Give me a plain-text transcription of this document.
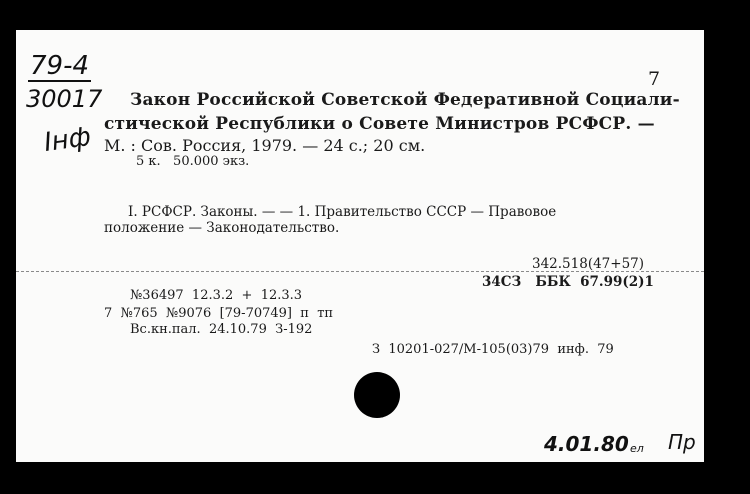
79-4
30017
Інф
7
Закон Российской Советской Федеративной Социали-
стической Республики о Совете Министров РСФСР. —
М. : Сов. Россия, 1979. — 24 с.; 20 см.
5 к.   50.000 экз.
I. РСФСР. Законы. — — 1. Правительство СССР — Правовое
положение — Законодательство.
342.518(47+57)
34СЗ   ББК  67.99(2)1
№36497  12.3.2  +  12.3.3
7  №765  №9076  [79-70749]  п  тп
Вс.кн.пал.  24.10.79  З-192
З  10201-027/М-105(03)79  инф.  79
4.01.80 ел Пр
